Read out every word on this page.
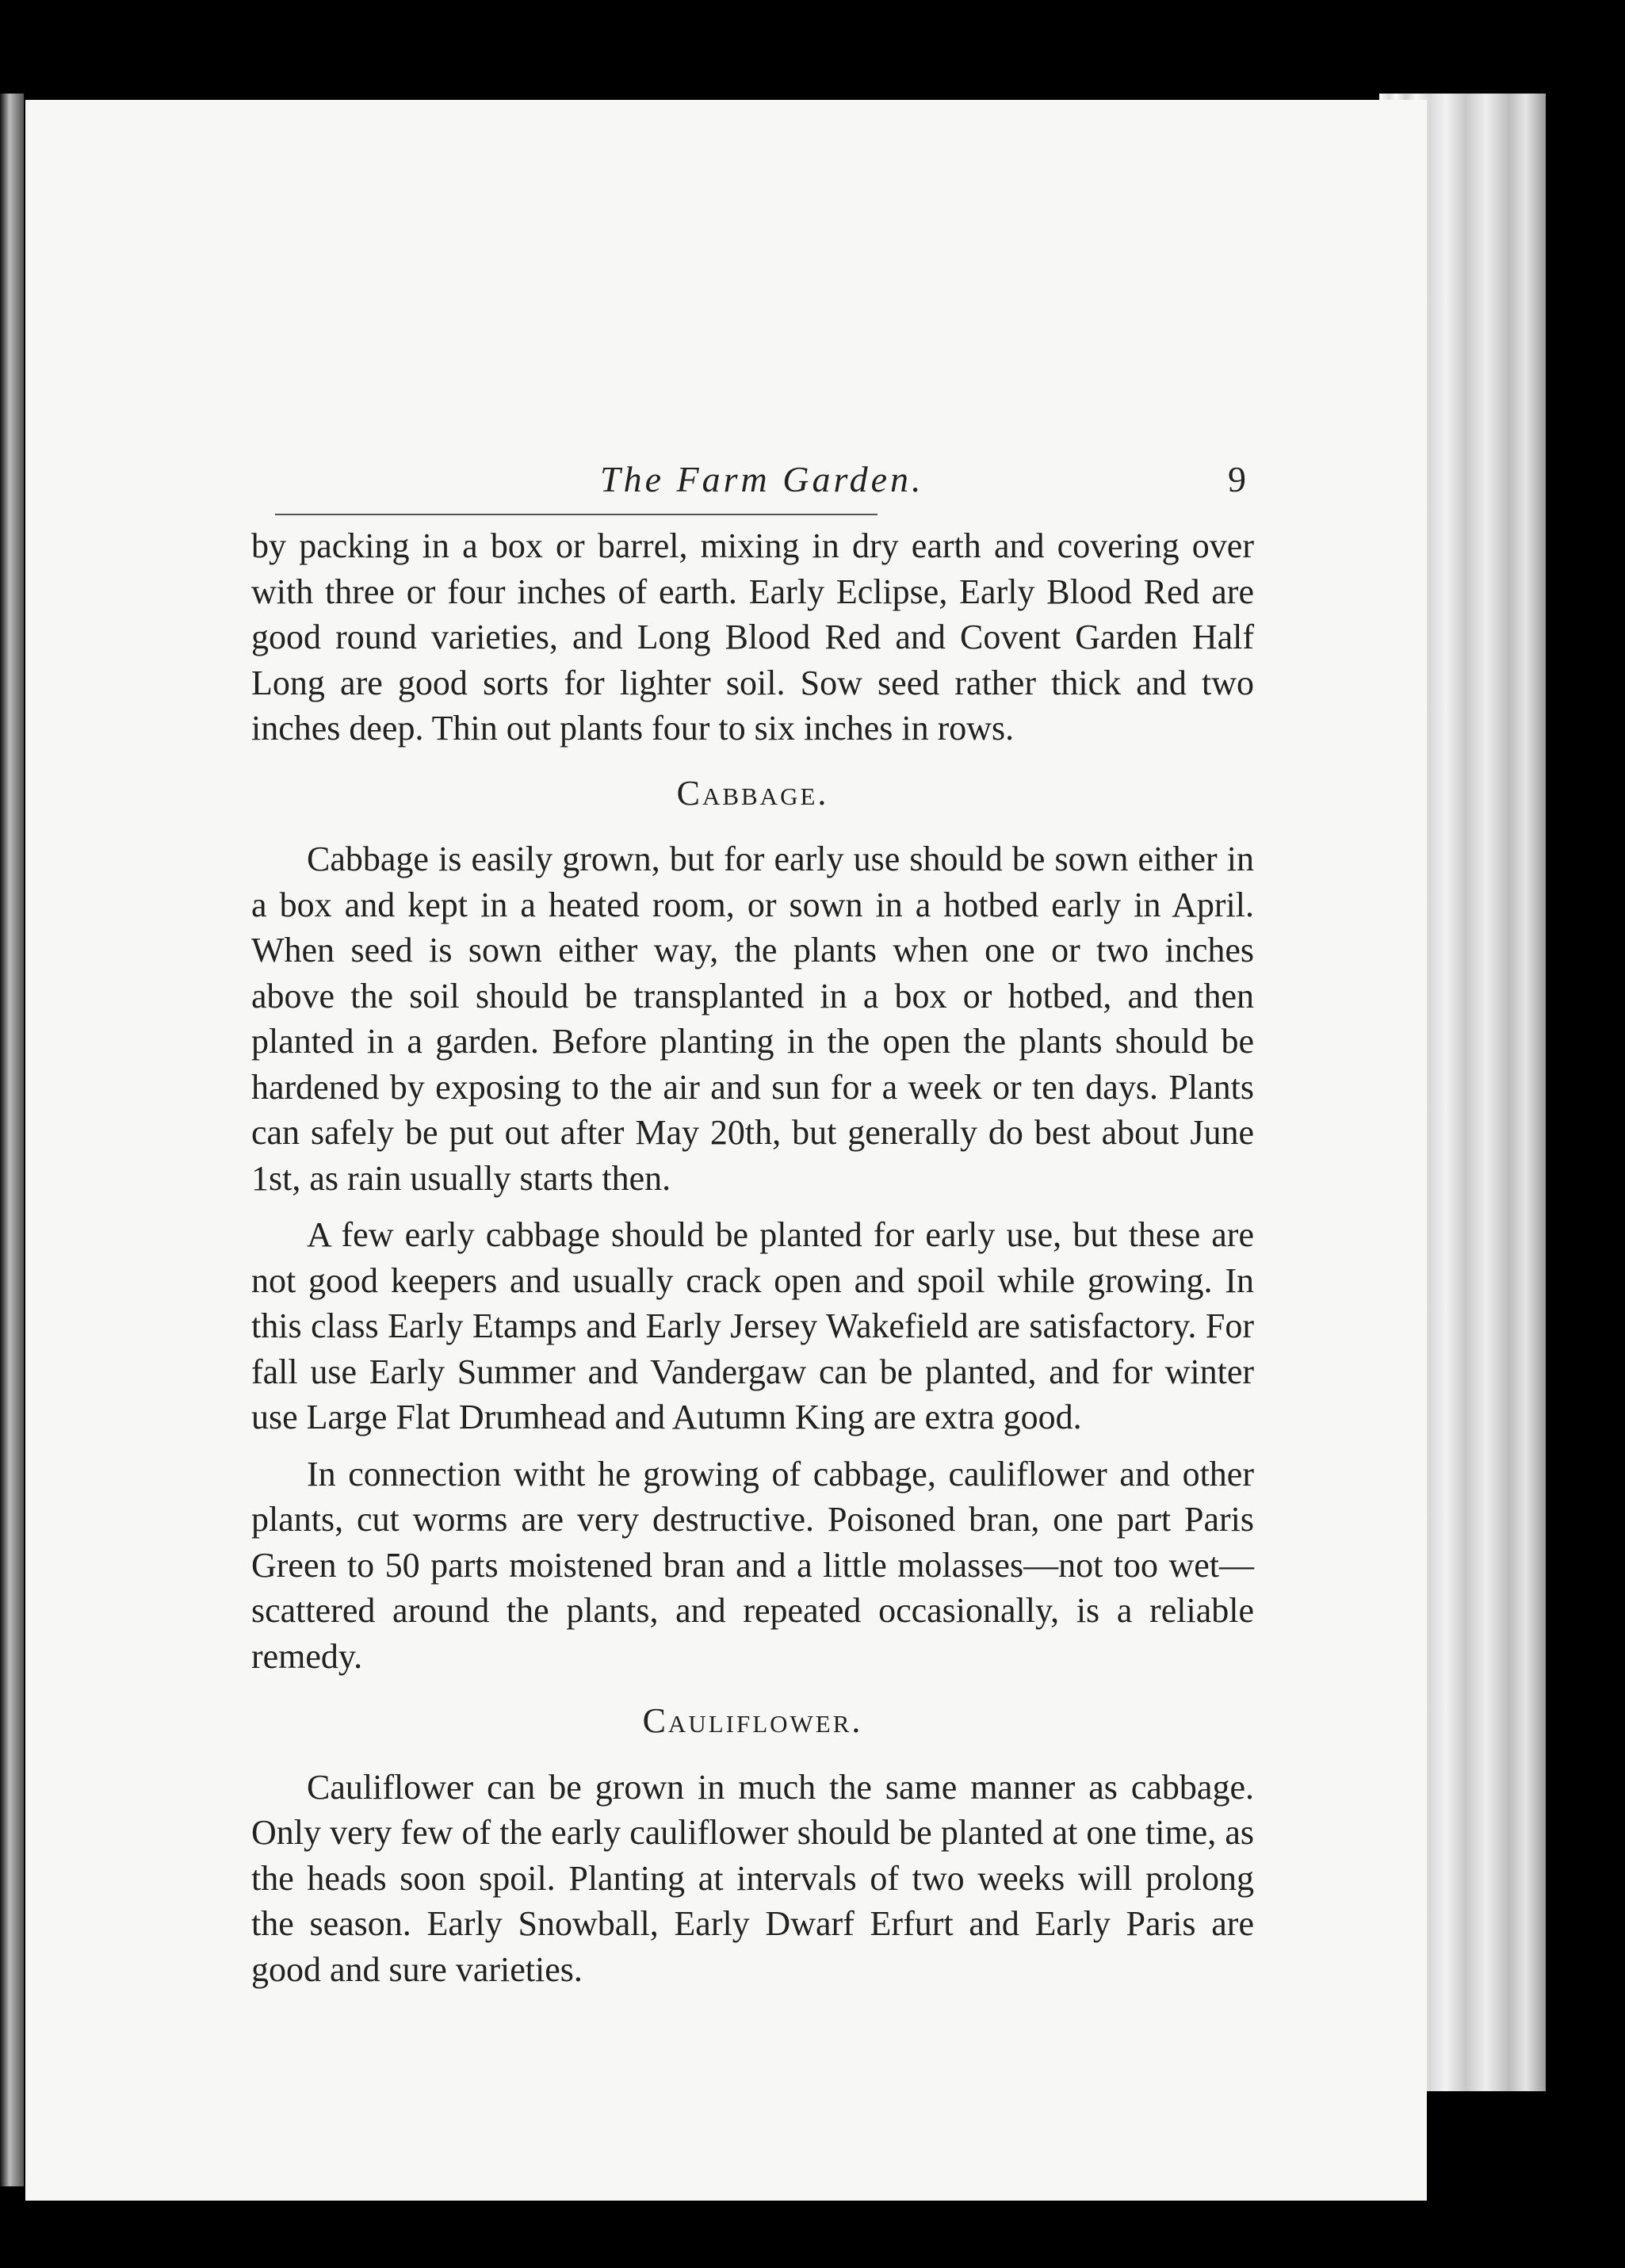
The Farm Garden.	9

by packing in a box or barrel, mixing in dry earth and covering over with three or four inches of earth. Early Eclipse, Early Blood Red are good round varieties, and Long Blood Red and Covent Garden Half Long are good sorts for lighter soil. Sow seed rather thick and two inches deep. Thin out plants four to six inches in rows.

Cabbage.

Cabbage is easily grown, but for early use should be sown either in a box and kept in a heated room, or sown in a hotbed early in April. When seed is sown either way, the plants when one or two inches above the soil should be transplanted in a box or hotbed, and then planted in a garden. Before planting in the open the plants should be hardened by exposing to the air and sun for a week or ten days. Plants can safely be put out after May 20th, but generally do best about June 1st, as rain usually starts then.

A few early cabbage should be planted for early use, but these are not good keepers and usually crack open and spoil while growing. In this class Early Etamps and Early Jersey Wakefield are satisfactory. For fall use Early Summer and Vandergaw can be planted, and for winter use Large Flat Drumhead and Autumn King are extra good.

In connection witht he growing of cabbage, cauliflower and other plants, cut worms are very destructive. Poisoned bran, one part Paris Green to 50 parts moistened bran and a little molasses—not too wet—scattered around the plants, and repeated occasionally, is a reliable remedy.

Cauliflower.

Cauliflower can be grown in much the same manner as cabbage. Only very few of the early cauliflower should be planted at one time, as the heads soon spoil. Planting at intervals of two weeks will prolong the season. Early Snowball, Early Dwarf Erfurt and Early Paris are good and sure varieties.
